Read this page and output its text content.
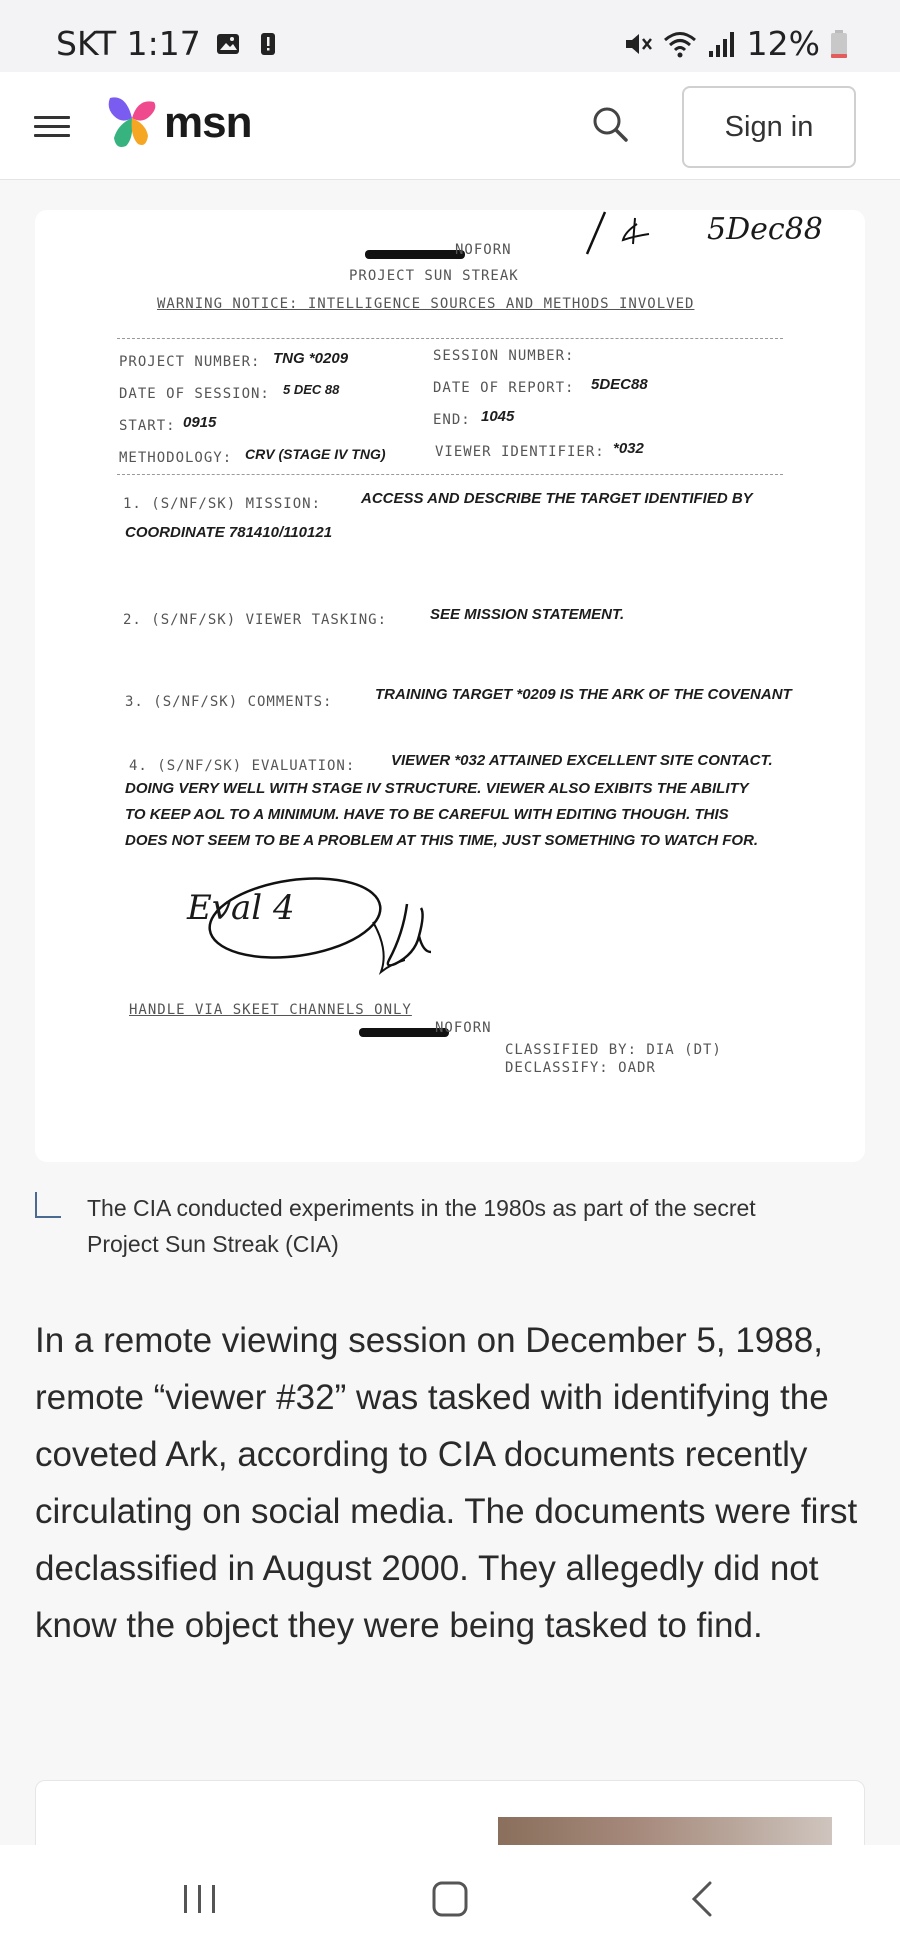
SKT 1:17	12%
msn	Sign in
5Dec88
NOFORN
PROJECT SUN STREAK
WARNING NOTICE: INTELLIGENCE SOURCES AND METHODS INVOLVED
PROJECT NUMBER: TNG *0209	SESSION NUMBER:
DATE OF SESSION: 5 DEC 88	DATE OF REPORT: 5DEC88
START: 0915	END: 1045
METHODOLOGY: CRV (STAGE IV TNG)	VIEWER IDENTIFIER: *032
1. (S/NF/SK) MISSION:	ACCESS AND DESCRIBE THE TARGET IDENTIFIED BY
COORDINATE 781410/110121
2. (S/NF/SK) VIEWER TASKING:	SEE MISSION STATEMENT.
3. (S/NF/SK) COMMENTS:	TRAINING TARGET *0209 IS THE ARK OF THE COVENANT
4. (S/NF/SK) EVALUATION: VIEWER *032 ATTAINED EXCELLENT SITE CONTACT.
DOING VERY WELL WITH STAGE IV STRUCTURE. VIEWER ALSO EXIBITS THE ABILITY
TO KEEP AOL TO A MINIMUM. HAVE TO BE CAREFUL WITH EDITING THOUGH. THIS
DOES NOT SEEM TO BE A PROBLEM AT THIS TIME, JUST SOMETHING TO WATCH FOR.
Eval 4
HANDLE VIA SKEET CHANNELS ONLY
NOFORN
CLASSIFIED BY: DIA (DT)
DECLASSIFY: OADR

The CIA conducted experiments in the 1980s as part of the secret Project Sun Streak (CIA)

In a remote viewing session on December 5, 1988, remote “viewer #32” was tasked with identifying the coveted Ark, according to CIA documents recently circulating on social media. The documents were first declassified in August 2000. They allegedly did not know the object they were being tasked to find.
